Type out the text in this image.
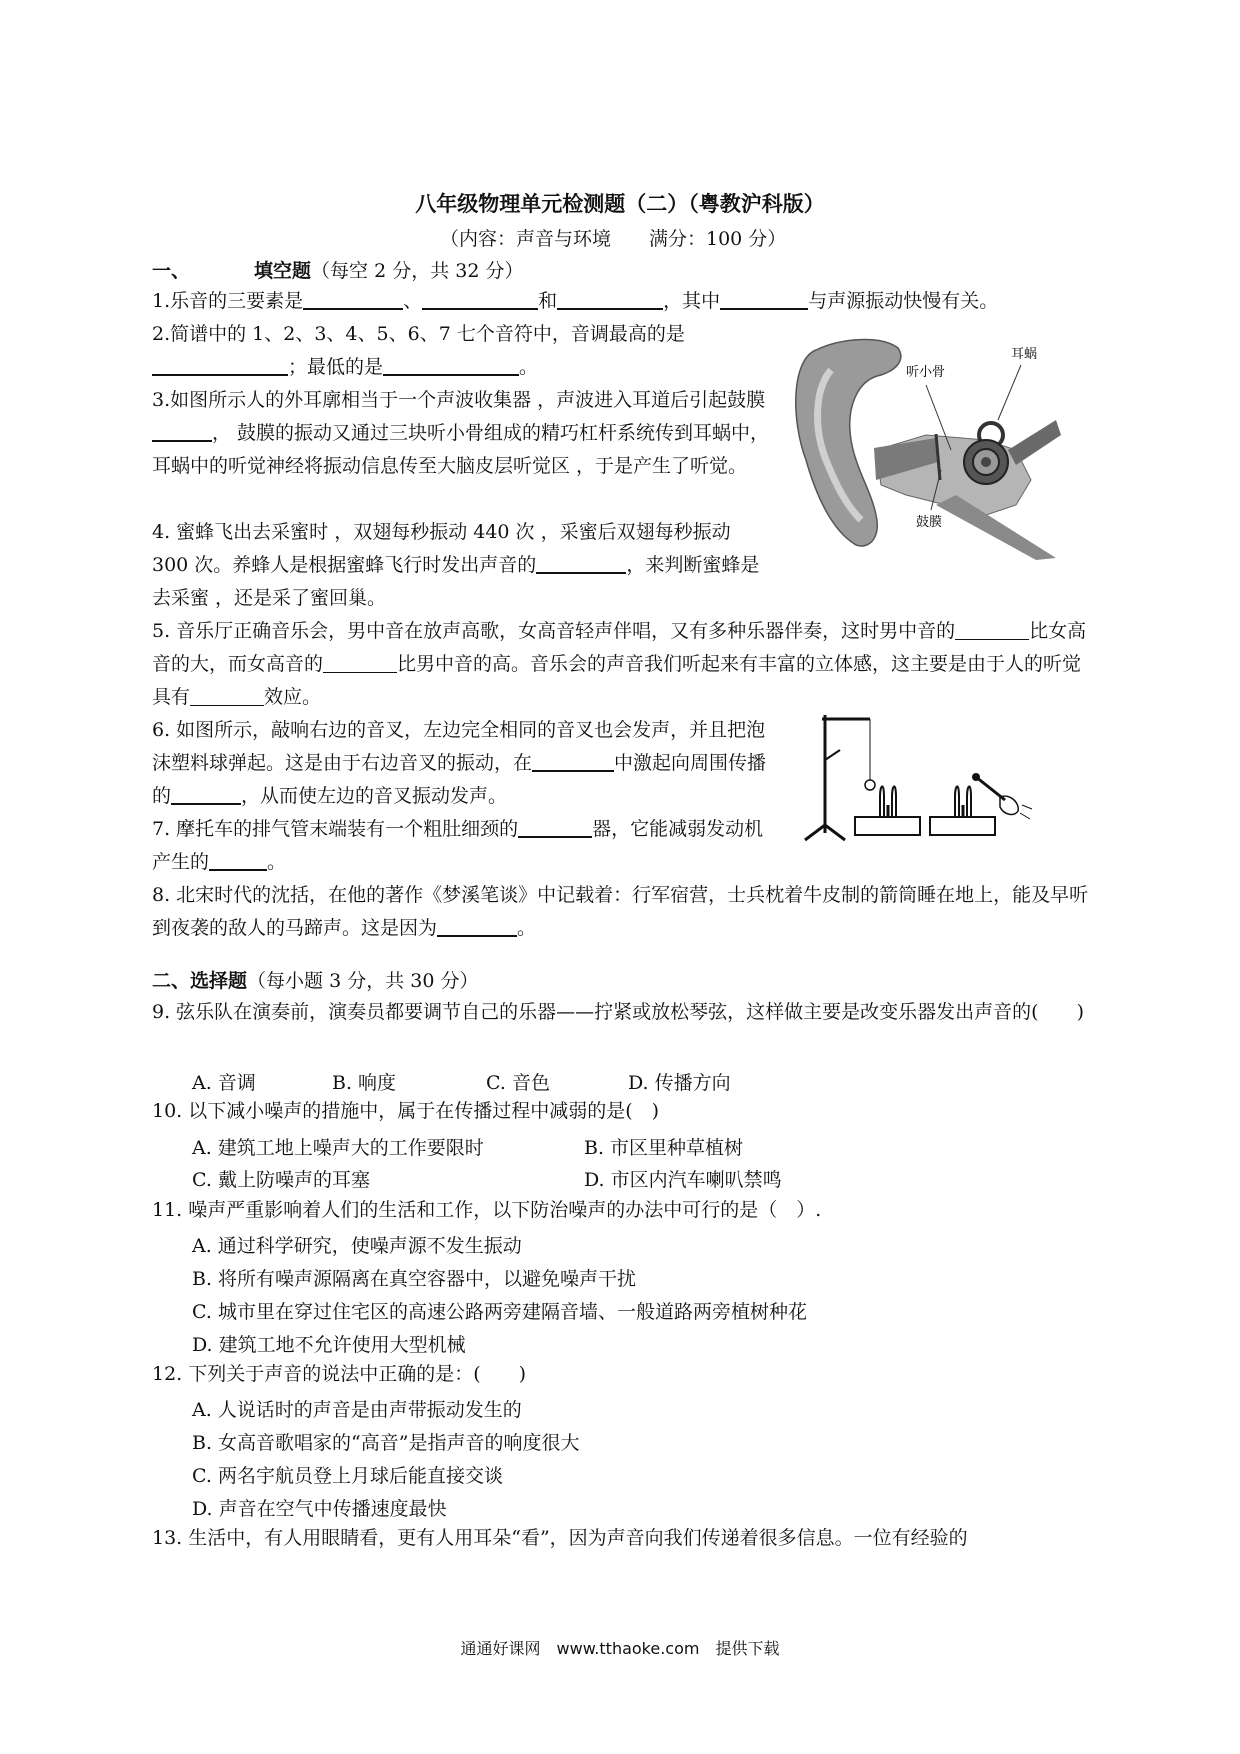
八年级物理单元检测题（二）（粤教沪科版）
（内容：声音与环境　　满分：100 分）
一、	填空题（每空 2 分，共 32 分）
1.乐音的三要素是	、	和	，其中	与声源振动快慢有关。
2.简谱中的 1、2、3、4、5、6、7 七个音符中，音调最高的是；最低的是	。
3.如图所示人的外耳廓相当于一个声波收集器 ，声波进入耳道后引起鼓膜， 鼓膜的振动又通过三块听小骨组成的精巧杠杆系统传到耳蜗中，耳蜗中的听觉神经将振动信息传至大脑皮层听觉区 ，于是产生了听觉。
4. 蜜蜂飞出去采蜜时 ，双翅每秒振动 440 次 ，采蜜后双翅每秒振动 300 次。养蜂人是根据蜜蜂飞行时发出声音的	，来判断蜜蜂是去采蜜 ，还是采了蜜回巢。
听小骨
耳蜗
鼓膜
5. 音乐厅正确音乐会，男中音在放声高歌，女高音轻声伴唱，又有多种乐器伴奏，这时男中音的	比女高音的大，而女高音的	比男中音的高。音乐会的声音我们听起来有丰富的立体感，这主要是由于人的听觉具有	效应。
6. 如图所示，敲响右边的音叉，左边完全相同的音叉也会发声，并且把泡沫塑料球弹起。这是由于右边音叉的振动，在	中激起向周围传播的	，从而使左边的音叉振动发声。
7. 摩托车的排气管末端装有一个粗肚细颈的	器，它能减弱发动机产生的	。
8. 北宋时代的沈括，在他的著作《梦溪笔谈》中记载着：行军宿营，士兵枕着牛皮制的箭筒睡在地上，能及早听到夜袭的敌人的马蹄声。这是因为	。
二、选择题（每小题 3 分，共 30 分）
9. 弦乐队在演奏前，演奏员都要调节自己的乐器——拧紧或放松琴弦，这样做主要是改变乐器发出声音的(　　)
A. 音调	B. 响度	C. 音色	D. 传播方向
10. 以下减小噪声的措施中，属于在传播过程中减弱的是(　)
A. 建筑工地上噪声大的工作要限时	B. 市区里种草植树
C. 戴上防噪声的耳塞	D. 市区内汽车喇叭禁鸣
11. 噪声严重影响着人们的生活和工作，以下防治噪声的办法中可行的是（　）.
A. 通过科学研究，使噪声源不发生振动
B. 将所有噪声源隔离在真空容器中，以避免噪声干扰
C. 城市里在穿过住宅区的高速公路两旁建隔音墙、一般道路两旁植树种花
D. 建筑工地不允许使用大型机械
12. 下列关于声音的说法中正确的是：(　　)
A. 人说话时的声音是由声带振动发生的
B. 女高音歌唱家的“高音”是指声音的响度很大
C. 两名宇航员登上月球后能直接交谈
D. 声音在空气中传播速度最快
13. 生活中，有人用眼睛看，更有人用耳朵“看”，因为声音向我们传递着很多信息。一位有经验的
通通好课网　www.tthaoke.com　提供下载
